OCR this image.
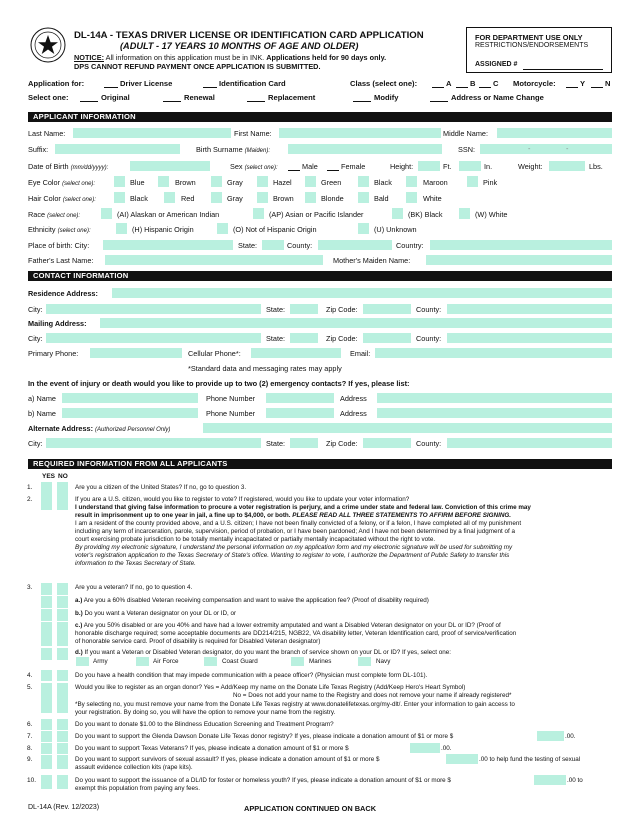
DL-14A - TEXAS DRIVER LICENSE OR IDENTIFICATION CARD APPLICATION
(ADULT - 17 YEARS 10 MONTHS OF AGE AND OLDER)
NOTICE: All information on this application must be in INK. Applications held for 90 days only.
DPS CANNOT REFUND PAYMENT ONCE APPLICATION IS SUBMITTED.
FOR DEPARTMENT USE ONLY
RESTRICTIONS/ENDORSEMENTS
ASSIGNED #
Application for:	Driver License	Identification Card	Class (select one):	A B C Motorcycle:	Y	N
Select one:	Original	Renewal	Replacement	Modify	Address or Name Change
APPLICANT INFORMATION
Last Name:	First Name:	Middle Name:
Suffix:	Birth Surname (Maiden):	SSN:	-	-
Date of Birth (mm/dd/yyyy):	Sex (select one):	Male	Female	Height:	Ft.	In.	Weight:	Lbs.
Eye Color (select one):	Blue	Brown	Gray	Hazel	Green	Black	Maroon	Pink
Hair Color (select one):	Black	Red	Gray	Brown	Blonde	Bald	White
Race (select one):	(AI) Alaskan or American Indian	(AP) Asian or Pacific Islander	(BK) Black	(W) White
Ethnicity (select one):	(H) Hispanic Origin	(O) Not of Hispanic Origin	(U) Unknown
Place of birth: City:	State:	County:	Country:
Father's Last Name:	Mother's Maiden Name:
CONTACT INFORMATION
Residence Address:
City:	State:	Zip Code:	County:
Mailing Address:
City:	State:	Zip Code:	County:
Primary Phone:	Cellular Phone*:	Email:
*Standard data and messaging rates may apply
In the event of injury or death would you like to provide up to two (2) emergency contacts? If yes, please list:
a) Name	Phone Number	Address
b) Name	Phone Number	Address
Alternate Address: (Authorized Personnel Only)
City:	State:	Zip Code:	County:
REQUIRED INFORMATION FROM ALL APPLICANTS
YES NO
1.	Are you a citizen of the United States? If no, go to question 3.
2.	If you are a U.S. citizen, would you like to register to vote? If registered, would you like to update your voter information?
I understand that giving false information to procure a voter registration is perjury, and a crime under state and federal law. Conviction of this crime may
result in imprisonment up to one year in jail, a fine up to $4,000, or both. PLEASE READ ALL THREE STATEMENTS TO AFFIRM BEFORE SIGNING.
I am a resident of the county provided above, and a U.S. citizen; I have not been finally convicted of a felony, or if a felon, I have completed all of my punishment
including any term of incarceration, parole, supervision, period of probation, or I have been pardoned; And I have not been determined by a final judgment of a
court exercising probate jurisdiction to be totally mentally incapacitated or partially mentally incapacitated without the right to vote.
By providing my electronic signature, I understand the personal information on my application form and my electronic signature will be used for submitting my
voter's registration application to the Texas Secretary of State's office. Wanting to register to vote, I authorize the Department of Public Safety to transfer this
information to the Texas Secretary of State.
3.	Are you a veteran? If no, go to question 4.
a.) Are you a 60% disabled Veteran receiving compensation and want to waive the application fee? (Proof of disability required)
b.) Do you want a Veteran designator on your DL or ID, or
c.) Are you 50% disabled or are you 40% and have had a lower extremity amputated and want a Disabled Veteran designator on your DL or ID? (Proof of
honorable discharge required; some acceptable documents are DD214/215, NGB22, VA disability letter, Veteran Identification card, proof of service/verification
of honorable service card. Proof of disability is required for Disabled Veteran designator)
d.) If you want a Veteran or Disabled Veteran designator, do you want the branch of service shown on your DL or ID? If yes, select one:
Army	Air Force	Coast Guard	Marines	Navy
4.	Do you have a health condition that may impede communication with a peace officer? (Physician must complete form DL-101).
5.	Would you like to register as an organ donor? Yes = Add/Keep my name on the Donate Life Texas Registry (Add/Keep Hero's Heart Symbol)
No = Does not add your name to the Registry and does not remove your name if already registered*
*By selecting no, you must remove your name from the Donate Life Texas registry at www.donatelifetexas.org/my-dlt/. Enter your information to gain access to
your registration. By doing so, you will have the option to remove your name from the registry.
6.	Do you want to donate $1.00 to the Blindness Education Screening and Treatment Program?
7.	Do you want to support the Glenda Dawson Donate Life Texas donor registry? If yes, please indicate a donation amount of $1 or more $	.00.
8.	Do you want to support Texas Veterans? If yes, please indicate a donation amount of $1 or more $	.00.
9.	Do you want to support survivors of sexual assault? If yes, please indicate a donation amount of $1 or more $	.00 to help fund the testing of sexual
assault evidence collection kits (rape kits).
10.	Do you want to support the issuance of a DL/ID for foster or homeless youth? If yes, please indicate a donation amount of $1 or more $	.00 to
exempt this population from paying any fees.
DL-14A (Rev. 12/2023)	APPLICATION CONTINUED ON BACK
